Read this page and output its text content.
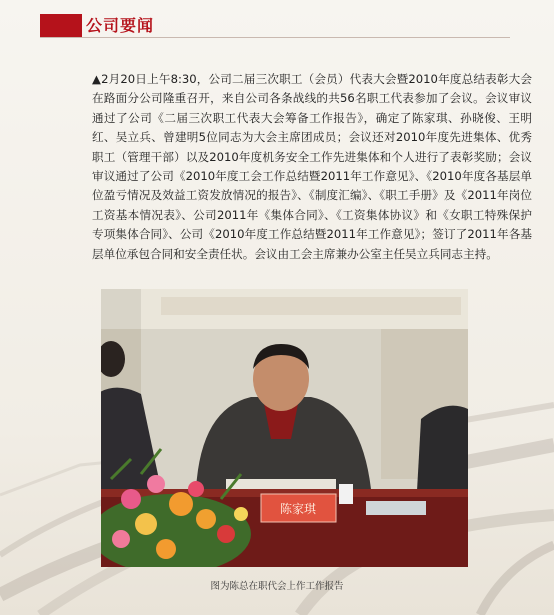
公司要闻

▲2月20日上午8:30，公司二届三次职工（会员）代表大会暨2010年度总结表彰大会在路面分公司隆重召开，来自公司各条战线的共56名职工代表参加了会议。会议审议通过了公司《二届三次职工代表大会筹备工作报告》，确定了陈家琪、孙晓俊、王明红、吴立兵、曾建明5位同志为大会主席团成员；会议还对2010年度先进集体、优秀职工（管理干部）以及2010年度机务安全工作先进集体和个人进行了表彰奖励；会议审议通过了公司《2010年度工会工作总结暨2011年工作意见》、《2010年度各基层单位盈亏情况及效益工资发放情况的报告》、《制度汇编》、《职工手册》及《2011年岗位工资基本情况表》、公司2011年《集体合同》、《工资集体协议》和《女职工特殊保护专项集体合同》、公司《2010年度工作总结暨2011年工作意见》；签订了2011年各基层单位承包合同和安全责任状。会议由工会主席兼办公室主任吴立兵同志主持。

陈家琪
图为陈总在职代会上作工作报告
